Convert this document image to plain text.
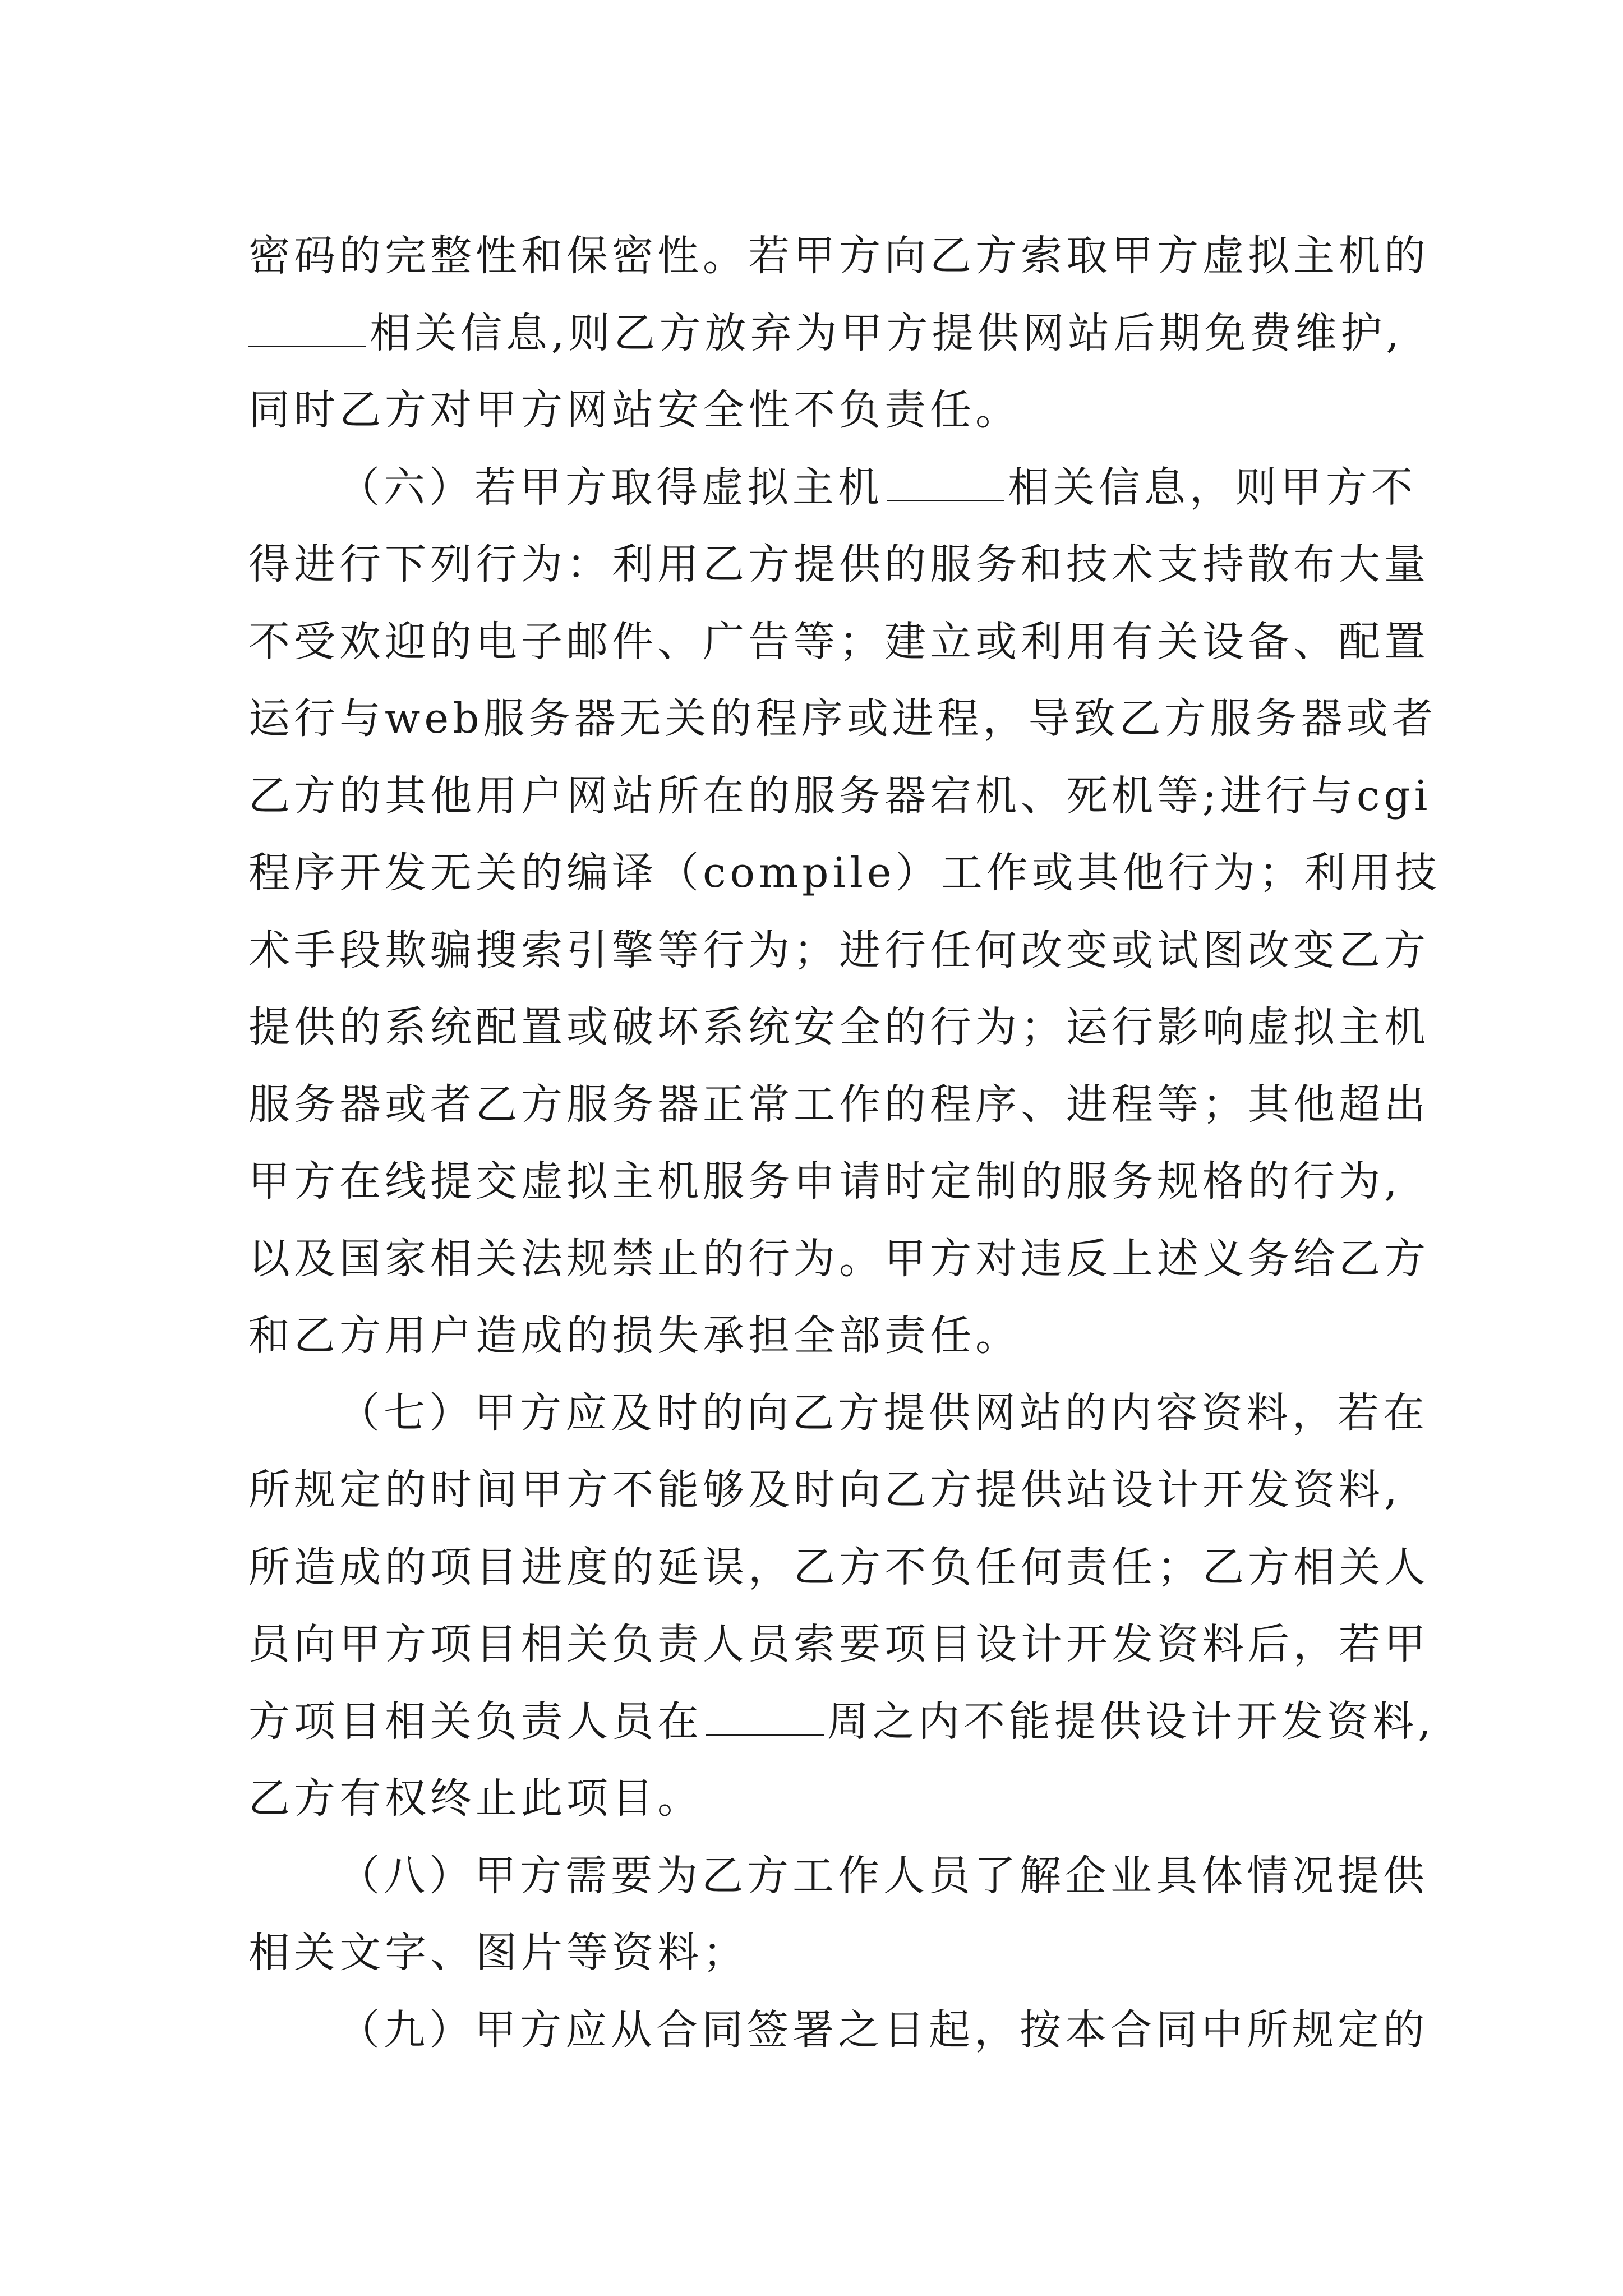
密码的完整性和保密性。若甲方向乙方索取甲方虚拟主机的
相关信息,则乙方放弃为甲方提供网站后期免费维护,
同时乙方对甲方网站安全性不负责任。
（六）若甲方取得虚拟主机	相关信息，则甲方不
得进行下列行为：利用乙方提供的服务和技术支持散布大量
不受欢迎的电子邮件、广告等；建立或利用有关设备、配置
运行与web服务器无关的程序或进程，导致乙方服务器或者
乙方的其他用户网站所在的服务器宕机、死机等;进行与cgi
程序开发无关的编译（compile）工作或其他行为；利用技
术手段欺骗搜索引擎等行为；进行任何改变或试图改变乙方
提供的系统配置或破坏系统安全的行为；运行影响虚拟主机
服务器或者乙方服务器正常工作的程序、进程等；其他超出
甲方在线提交虚拟主机服务申请时定制的服务规格的行为,
以及国家相关法规禁止的行为。甲方对违反上述义务给乙方
和乙方用户造成的损失承担全部责任。
（七）甲方应及时的向乙方提供网站的内容资料，若在
所规定的时间甲方不能够及时向乙方提供站设计开发资料,
所造成的项目进度的延误，乙方不负任何责任；乙方相关人
员向甲方项目相关负责人员索要项目设计开发资料后，若甲
方项目相关负责人员在	周之内不能提供设计开发资料,
乙方有权终止此项目。
（八）甲方需要为乙方工作人员了解企业具体情况提供
相关文字、图片等资料；
（九）甲方应从合同签署之日起，按本合同中所规定的
